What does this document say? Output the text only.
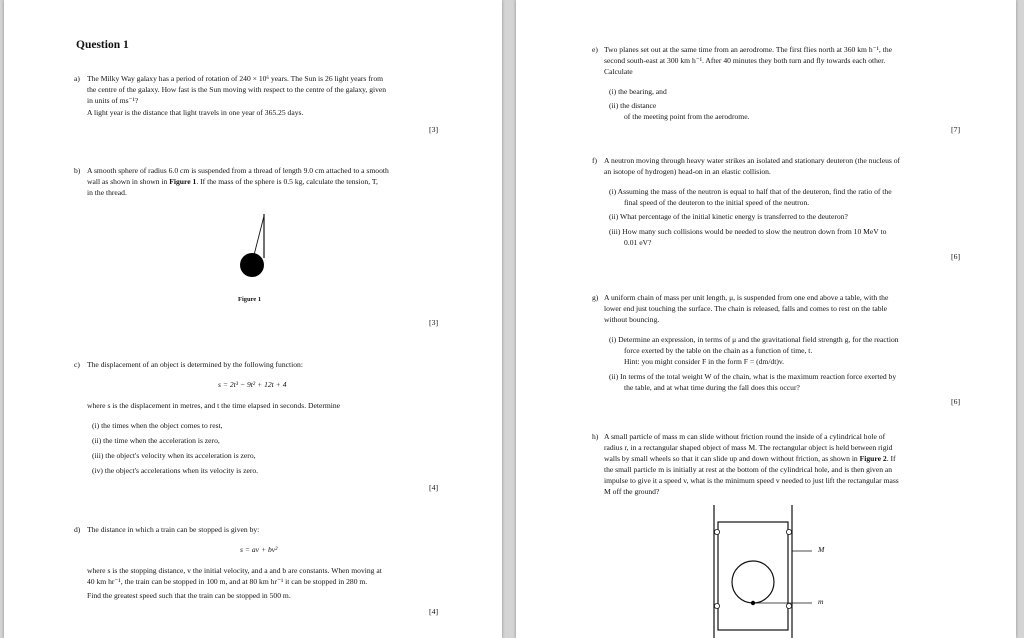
Question 1
a) The Milky Way galaxy has a period of rotation of 240 × 10⁶ years. The Sun is 26 light years from
the centre of the galaxy. How fast is the Sun moving with respect to the centre of the galaxy, given
in units of ms⁻¹?
A light year is the distance that light travels in one year of 365.25 days.
[3]
b) A smooth sphere of radius 6.0 cm is suspended from a thread of length 9.0 cm attached to a smooth
wall as shown in shown in Figure 1. If the mass of the sphere is 0.5 kg, calculate the tension, T,
in the thread.
Figure 1
[3]
c) The displacement of an object is determined by the following function:
s = 2t³ − 9t² + 12t + 4
where s is the displacement in metres, and t the time elapsed in seconds. Determine
(i) the times when the object comes to rest,
(ii) the time when the acceleration is zero,
(iii) the object's velocity when its acceleration is zero,
(iv) the object's accelerations when its velocity is zero.
[4]
d) The distance in which a train can be stopped is given by:
s = av + bv²
where s is the stopping distance, v the initial velocity, and a and b are constants. When moving at
40 km hr⁻¹, the train can be stopped in 100 m, and at 80 km hr⁻¹ it can be stopped in 280 m.
Find the greatest speed such that the train can be stopped in 500 m.
[4]
e) Two planes set out at the same time from an aerodrome. The first flies north at 360 km h⁻¹, the
second south-east at 300 km h⁻¹. After 40 minutes they both turn and fly towards each other.
Calculate
(i) the bearing, and
(ii) the distance
of the meeting point from the aerodrome.
[7]
f) A neutron moving through heavy water strikes an isolated and stationary deuteron (the nucleus of
an isotope of hydrogen) head-on in an elastic collision.
(i) Assuming the mass of the neutron is equal to half that of the deuteron, find the ratio of the
final speed of the deuteron to the initial speed of the neutron.
(ii) What percentage of the initial kinetic energy is transferred to the deuteron?
(iii) How many such collisions would be needed to slow the neutron down from 10 MeV to
0.01 eV?
[6]
g) A uniform chain of mass per unit length, μ, is suspended from one end above a table, with the
lower end just touching the surface. The chain is released, falls and comes to rest on the table
without bouncing.
(i) Determine an expression, in terms of μ and the gravitational field strength g, for the reaction
force exerted by the table on the chain as a function of time, t.
Hint: you might consider F in the form F = (dm/dt)v.
(ii) In terms of the total weight W of the chain, what is the maximum reaction force exerted by
the table, and at what time during the fall does this occur?
[6]
h) A small particle of mass m can slide without friction round the inside of a cylindrical hole of
radius r, in a rectangular shaped object of mass M. The rectangular object is held between rigid
walls by small wheels so that it can slide up and down without friction, as shown in Figure 2. If
the small particle m is initially at rest at the bottom of the cylindrical hole, and is then given an
impulse to give it a speed v, what is the minimum speed v needed to just lift the rectangular mass
M off the ground?
M
m
